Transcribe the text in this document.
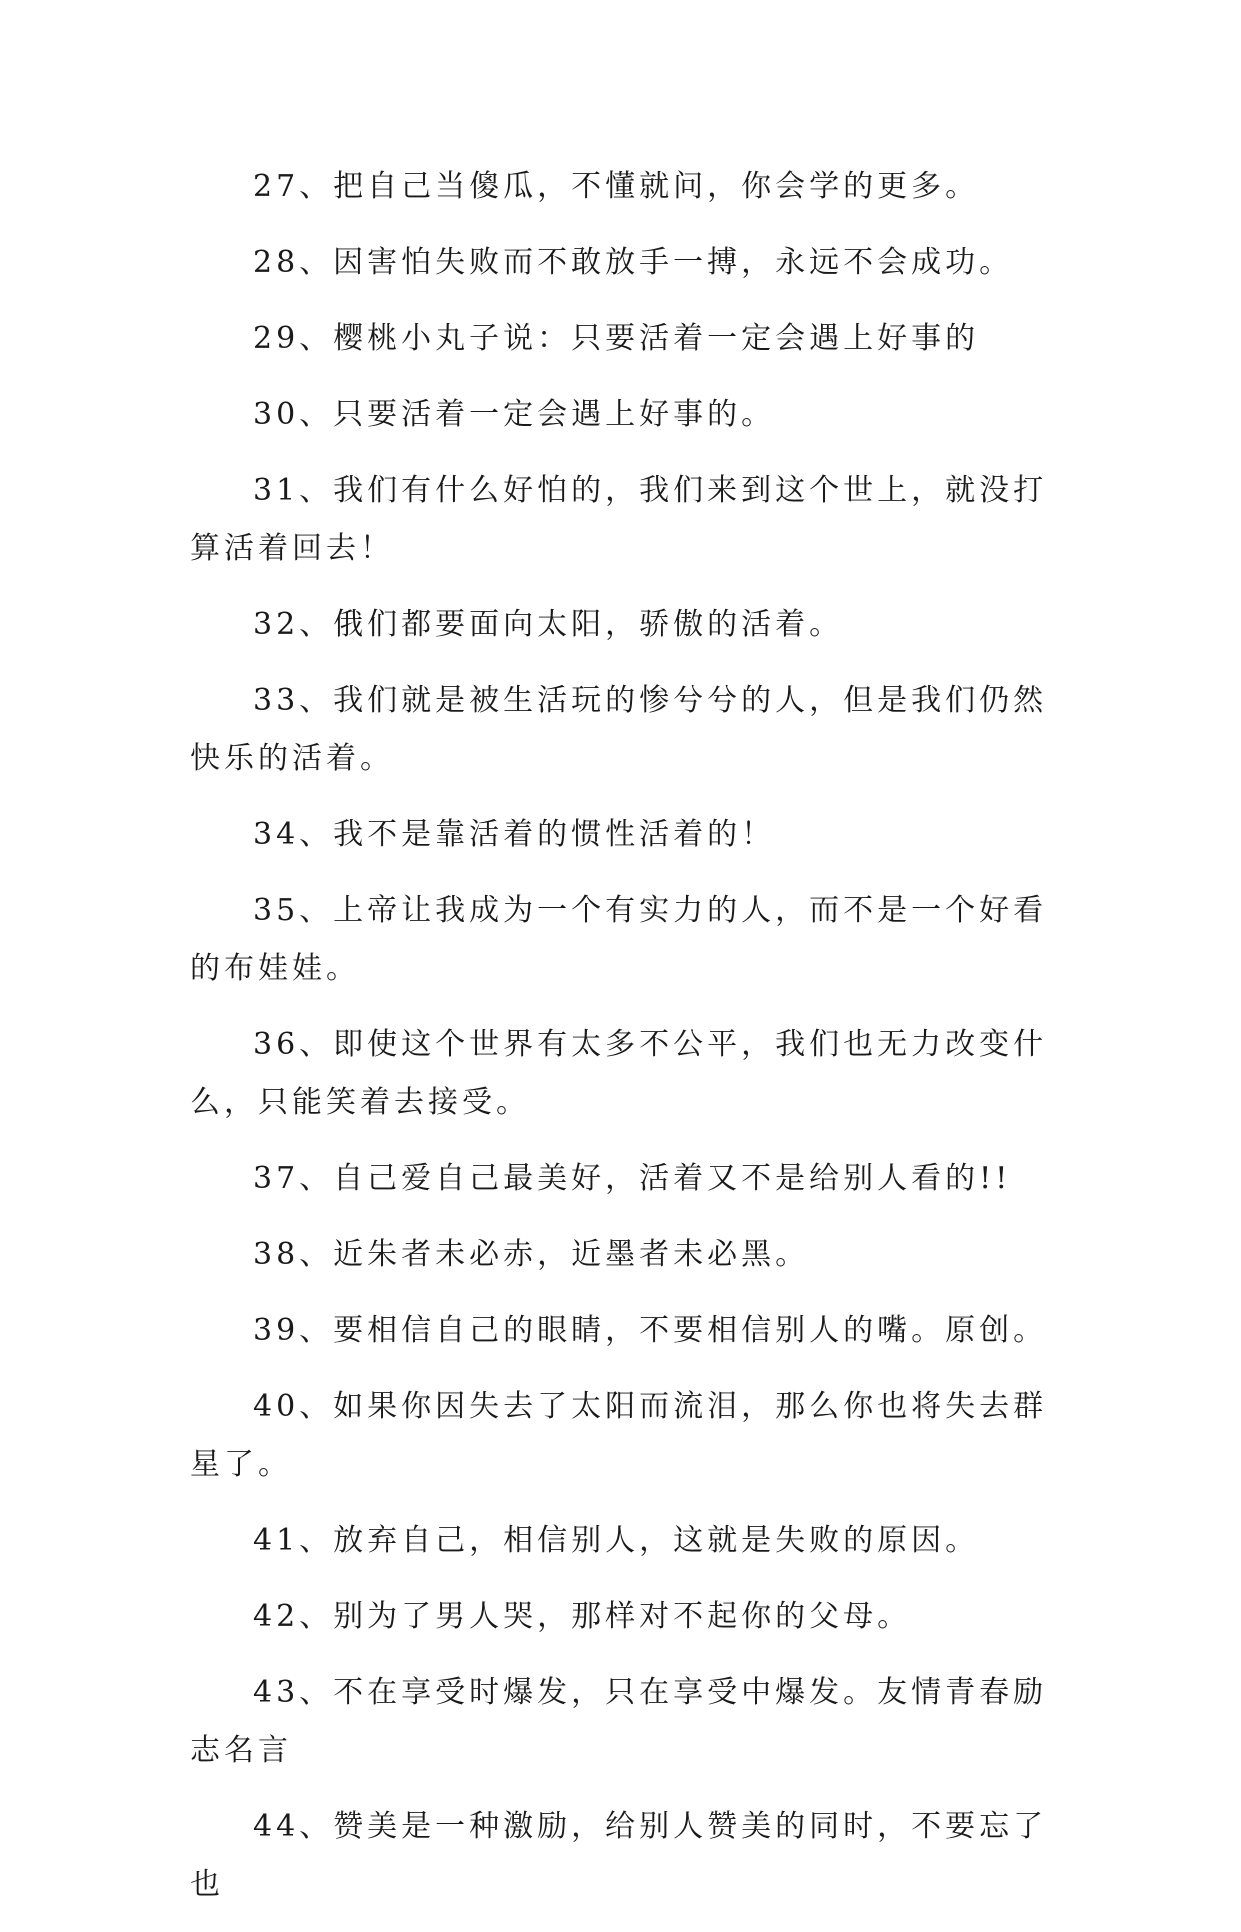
27、把自己当傻瓜，不懂就问，你会学的更多。

28、因害怕失败而不敢放手一搏，永远不会成功。

29、樱桃小丸子说：只要活着一定会遇上好事的

30、只要活着一定会遇上好事的。

31、我们有什么好怕的，我们来到这个世上，就没打算活着回去！

32、俄们都要面向太阳，骄傲的活着。

33、我们就是被生活玩的惨兮兮的人，但是我们仍然快乐的活着。

34、我不是靠活着的惯性活着的！

35、上帝让我成为一个有实力的人，而不是一个好看的布娃娃。

36、即使这个世界有太多不公平，我们也无力改变什么，只能笑着去接受。

37、自己爱自己最美好，活着又不是给别人看的!!

38、近朱者未必赤，近墨者未必黑。

39、要相信自己的眼睛，不要相信别人的嘴。原创。

40、如果你因失去了太阳而流泪，那么你也将失去群星了。

41、放弃自己，相信别人，这就是失败的原因。

42、别为了男人哭，那样对不起你的父母。

43、不在享受时爆发，只在享受中爆发。友情青春励志名言

44、赞美是一种激励，给别人赞美的同时，不要忘了也
